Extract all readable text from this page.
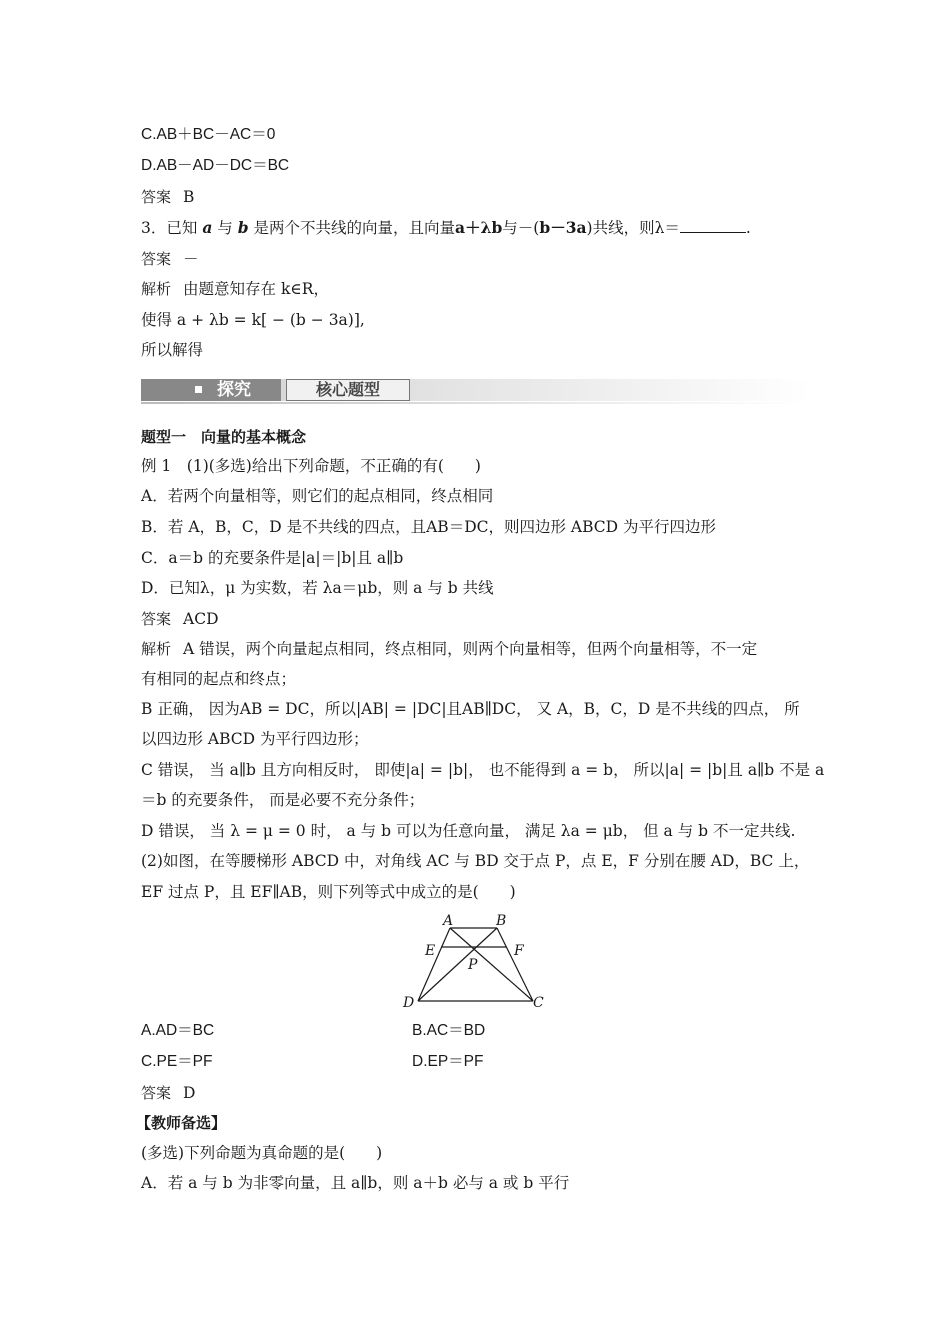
C.AB＋BC－AC＝0
D.AB－AD－DC＝BC
答案 B
3．已知 a 与 b 是两个不共线的向量，且向量a＋λb与－(b－3a)共线，则λ＝	.
答案 －
解析 由题意知存在 k∈R，
使得 a + λb = k[ − (b − 3a)],
所以解得
探究	核心题型
题型一　向量的基本概念
例 1　(1)(多选)给出下列命题，不正确的有(　　)
A．若两个向量相等，则它们的起点相同，终点相同
B．若 A，B，C，D 是不共线的四点，且AB＝DC，则四边形 ABCD 为平行四边形
C．a＝b 的充要条件是|a|＝|b|且 a∥b
D．已知λ，μ 为实数，若 λa＝μb，则 a 与 b 共线
答案 ACD
解析 A 错误，两个向量起点相同，终点相同，则两个向量相等，但两个向量相等，不一定
有相同的起点和终点；
B 正确， 因为AB = DC，所以|AB| = |DC|且AB∥DC， 又 A，B，C，D 是不共线的四点， 所
以四边形 ABCD 为平行四边形；
C 错误， 当 a∥b 且方向相反时， 即使|a| = |b|， 也不能得到 a = b， 所以|a| = |b|且 a∥b 不是 a
＝b 的充要条件， 而是必要不充分条件；
D 错误， 当 λ = μ = 0 时， a 与 b 可以为任意向量， 满足 λa = μb， 但 a 与 b 不一定共线.
(2)如图，在等腰梯形 ABCD 中，对角线 AC 与 BD 交于点 P，点 E，F 分别在腰 AD，BC 上，
EF 过点 P，且 EF∥AB，则下列等式中成立的是(　　)
A	B
E	F
P
D	C
A.AD＝BC	B.AC＝BD
C.PE＝PF	D.EP＝PF
答案 D
【教师备选】
(多选)下列命题为真命题的是(　　)
A．若 a 与 b 为非零向量，且 a∥b，则 a＋b 必与 a 或 b 平行
